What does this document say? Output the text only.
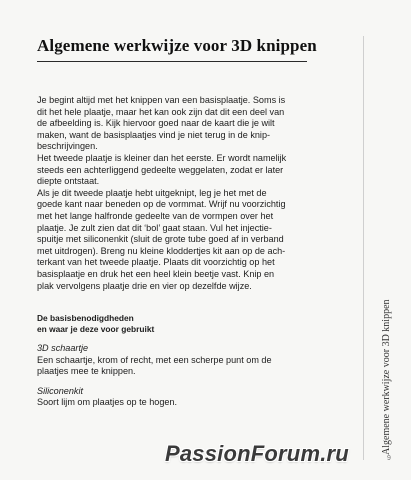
Algemene werkwijze voor 3D knippen

Je begint altijd met het knippen van een basisplaatje. Soms is
dit het hele plaatje, maar het kan ook zijn dat dit een deel van
de afbeelding is. Kijk hiervoor goed naar de kaart die je wilt
maken, want de basisplaatjes vind je niet terug in de knip-
beschrijvingen.

Het tweede plaatje is kleiner dan het eerste. Er wordt namelijk
steeds een achterliggend gedeelte weggelaten, zodat er later
diepte ontstaat.

Als je dit tweede plaatje hebt uitgeknipt, leg je het met de
goede kant naar beneden op de vormmat. Wrijf nu voorzichtig
met het lange halfronde gedeelte van de vormpen over het
plaatje. Je zult zien dat dit ‘bol’ gaat staan. Vul het injectie-
spuitje met siliconenkit (sluit de grote tube goed af in verband
met uitdrogen). Breng nu kleine kloddertjes kit aan op de ach-
terkant van het tweede plaatje. Plaats dit voorzichtig op het
basisplaatje en druk het een heel klein beetje vast. Knip en
plak vervolgens plaatje drie en vier op dezelfde wijze.

De basisbenodigdheden
en waar je deze voor gebruikt
3D schaartje
Een schaartje, krom of recht, met een scherpe punt om de
plaatjes mee te knippen.
Siliconenkit
Soort lijm om plaatjes op te hogen.	Algemene werkwijze voor 3D knippen
9
PassionForum.ru
